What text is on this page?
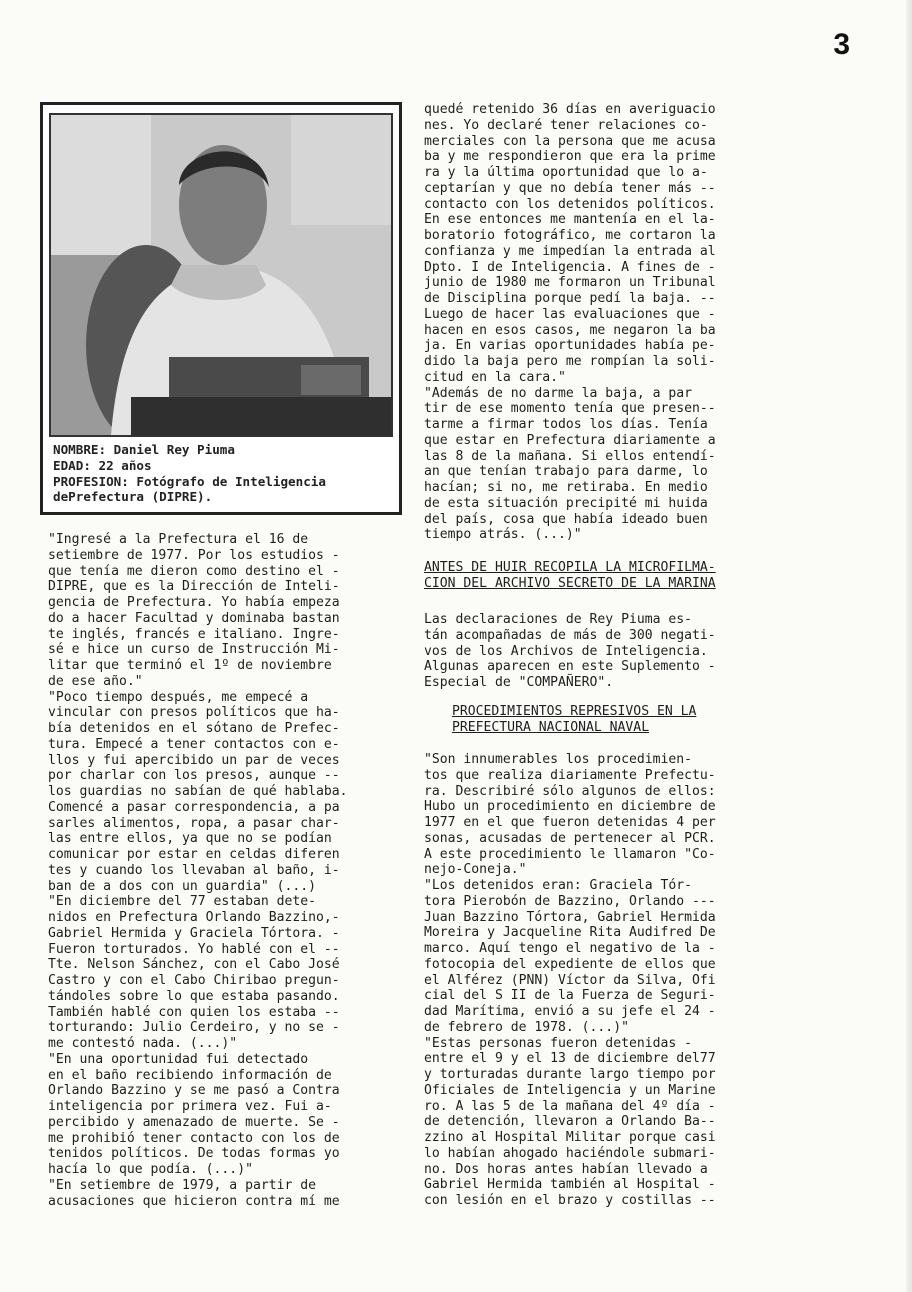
3
NOMBRE: Daniel Rey Piuma
EDAD: 22 años
PROFESION: Fotógrafo de Inteligencia
dePrefectura (DIPRE).
"Ingresé a la Prefectura el 16 de
setiembre de 1977. Por los estudios -
que tenía me dieron como destino el -
DIPRE, que es la Dirección de Inteli-
gencia de Prefectura. Yo había empeza
do a hacer Facultad y dominaba bastan
te inglés, francés e italiano. Ingre-
sé e hice un curso de Instrucción Mi-
litar que terminó el 1º de noviembre
de ese año."
"Poco tiempo después, me empecé a
vincular con presos políticos que ha-
bía detenidos en el sótano de Prefec-
tura. Empecé a tener contactos con e-
llos y fui apercibido un par de veces
por charlar con los presos, aunque --
los guardias no sabían de qué hablaba.
Comencé a pasar correspondencia, a pa
sarles alimentos, ropa, a pasar char-
las entre ellos, ya que no se podían
comunicar por estar en celdas diferen
tes y cuando los llevaban al baño, i-
ban de a dos con un guardia" (...)
"En diciembre del 77 estaban dete-
nidos en Prefectura Orlando Bazzino,-
Gabriel Hermida y Graciela Tórtora. -
Fueron torturados. Yo hablé con el --
Tte. Nelson Sánchez, con el Cabo José
Castro y con el Cabo Chiribao pregun-
tándoles sobre lo que estaba pasando.
También hablé con quien los estaba --
torturando: Julio Cerdeiro, y no se -
me contestó nada. (...)"
"En una oportunidad fui detectado
en el baño recibiendo información de
Orlando Bazzino y se me pasó a Contra
inteligencia por primera vez. Fui a-
percibido y amenazado de muerte. Se -
me prohibió tener contacto con los de
tenidos políticos. De todas formas yo
hacía lo que podía. (...)"
"En setiembre de 1979, a partir de
acusaciones que hicieron contra mí me
quedé retenido 36 días en averiguacio
nes. Yo declaré tener relaciones co-
merciales con la persona que me acusa
ba y me respondieron que era la prime
ra y la última oportunidad que lo a-
ceptarían y que no debía tener más --
contacto con los detenidos políticos.
En ese entonces me mantenía en el la-
boratorio fotográfico, me cortaron la
confianza y me impedían la entrada al
Dpto. I de Inteligencia. A fines de -
junio de 1980 me formaron un Tribunal
de Disciplina porque pedí la baja. --
Luego de hacer las evaluaciones que -
hacen en esos casos, me negaron la ba
ja. En varias oportunidades había pe-
dido la baja pero me rompían la soli-
citud en la cara."
"Además de no darme la baja, a par
tir de ese momento tenía que presen--
tarme a firmar todos los días. Tenía
que estar en Prefectura diariamente a
las 8 de la mañana. Si ellos entendí-
an que tenían trabajo para darme, lo
hacían; si no, me retiraba. En medio
de esta situación precipité mi huida
del país, cosa que había ideado buen
tiempo atrás. (...)"
ANTES DE HUIR RECOPILA LA MICROFILMA-
CION DEL ARCHIVO SECRETO DE LA MARINA
Las declaraciones de Rey Piuma es-
tán acompañadas de más de 300 negati-
vos de los Archivos de Inteligencia.
Algunas aparecen en este Suplemento -
Especial de "COMPAÑERO".
PROCEDIMIENTOS REPRESIVOS EN LA
PREFECTURA NACIONAL NAVAL
"Son innumerables los procedimien-
tos que realiza diariamente Prefectu-
ra. Describiré sólo algunos de ellos:
Hubo un procedimiento en diciembre de
1977 en el que fueron detenidas 4 per
sonas, acusadas de pertenecer al PCR.
A este procedimiento le llamaron "Co-
nejo-Coneja."
"Los detenidos eran: Graciela Tór-
tora Pierobón de Bazzino, Orlando ---
Juan Bazzino Tórtora, Gabriel Hermida
Moreira y Jacqueline Rita Audifred De
marco. Aquí tengo el negativo de la -
fotocopia del expediente de ellos que
el Alférez (PNN) Víctor da Silva, Ofi
cial del S II de la Fuerza de Seguri-
dad Marítima, envió a su jefe el 24 -
de febrero de 1978. (...)"
"Estas personas fueron detenidas -
entre el 9 y el 13 de diciembre del77
y torturadas durante largo tiempo por
Oficiales de Inteligencia y un Marine
ro. A las 5 de la mañana del 4º día -
de detención, llevaron a Orlando Ba--
zzino al Hospital Militar porque casi
lo habían ahogado haciéndole submari-
no. Dos horas antes habían llevado a
Gabriel Hermida también al Hospital -
con lesión en el brazo y costillas --
